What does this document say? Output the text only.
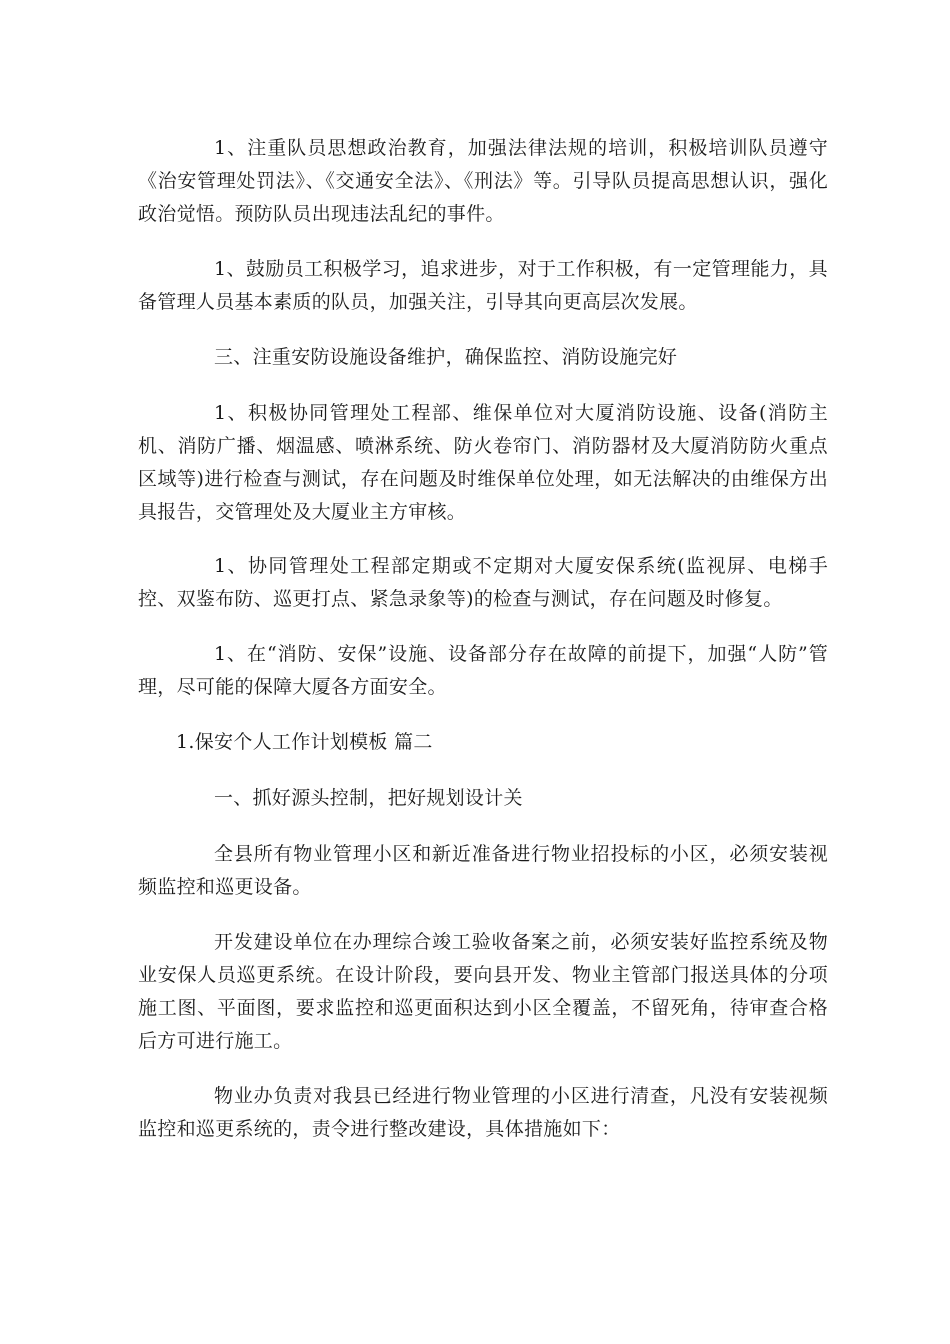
1、注重队员思想政治教育，加强法律法规的培训，积极培训队员遵守《治安管理处罚法》、《交通安全法》、《刑法》等。引导队员提高思想认识，强化政治觉悟。预防队员出现违法乱纪的事件。

1、鼓励员工积极学习，追求进步，对于工作积极，有一定管理能力，具备管理人员基本素质的队员，加强关注，引导其向更高层次发展。

三、注重安防设施设备维护，确保监控、消防设施完好

1、积极协同管理处工程部、维保单位对大厦消防设施、设备(消防主机、消防广播、烟温感、喷淋系统、防火卷帘门、消防器材及大厦消防防火重点区域等)进行检查与测试，存在问题及时维保单位处理，如无法解决的由维保方出具报告，交管理处及大厦业主方审核。

1、协同管理处工程部定期或不定期对大厦安保系统(监视屏、电梯手控、双鉴布防、巡更打点、紧急录象等)的检查与测试，存在问题及时修复。

1、在“消防、安保”设施、设备部分存在故障的前提下，加强“人防”管理，尽可能的保障大厦各方面安全。

1.保安个人工作计划模板 篇二

一、抓好源头控制，把好规划设计关

全县所有物业管理小区和新近准备进行物业招投标的小区，必须安装视频监控和巡更设备。

开发建设单位在办理综合竣工验收备案之前，必须安装好监控系统及物业安保人员巡更系统。在设计阶段，要向县开发、物业主管部门报送具体的分项施工图、平面图，要求监控和巡更面积达到小区全覆盖，不留死角，待审查合格后方可进行施工。

物业办负责对我县已经进行物业管理的小区进行清查，凡没有安装视频监控和巡更系统的，责令进行整改建设，具体措施如下：
